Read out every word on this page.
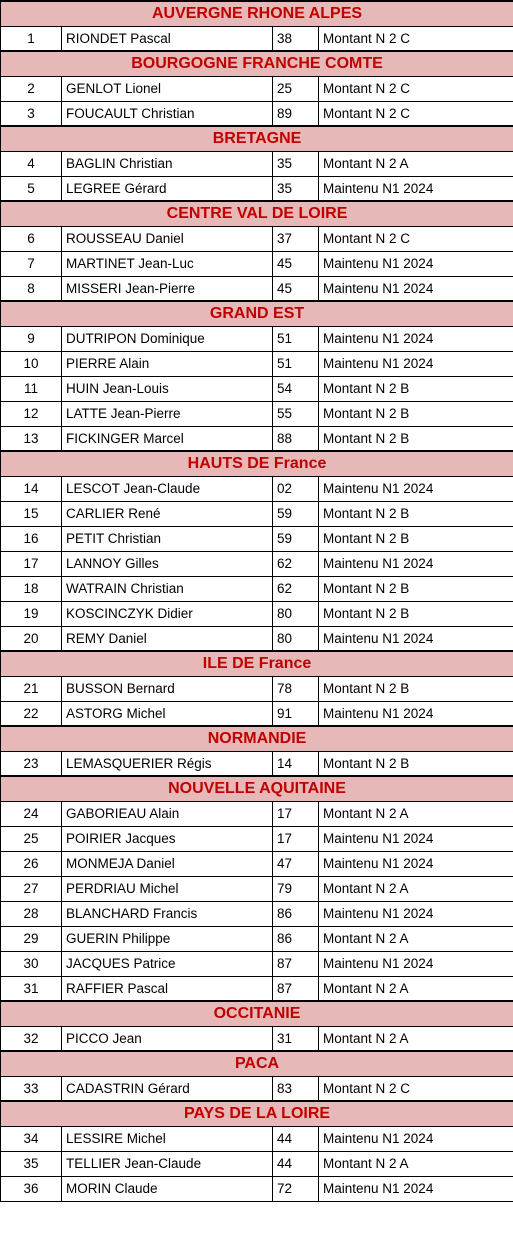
AUVERGNE RHONE ALPES			
1	RIONDET Pascal	38	Montant N 2 C
BOURGOGNE FRANCHE COMTE			
2	GENLOT Lionel	25	Montant N 2 C
3	FOUCAULT Christian	89	Montant N 2 C
BRETAGNE			
4	BAGLIN Christian	35	Montant N 2 A
5	LEGREE Gérard	35	Maintenu N1 2024
CENTRE VAL DE LOIRE			
6	ROUSSEAU Daniel	37	Montant N 2 C
7	MARTINET Jean-Luc	45	Maintenu N1 2024
8	MISSERI Jean-Pierre	45	Maintenu N1 2024
GRAND EST			
9	DUTRIPON Dominique	51	Maintenu N1 2024
10	PIERRE Alain	51	Maintenu N1 2024
11	HUIN Jean-Louis	54	Montant N 2 B
12	LATTE Jean-Pierre	55	Montant N 2 B
13	FICKINGER Marcel	88	Montant N 2 B
HAUTS DE France			
14	LESCOT Jean-Claude	02	Maintenu N1 2024
15	CARLIER René	59	Montant N 2 B
16	PETIT Christian	59	Montant N 2 B
17	LANNOY Gilles	62	Maintenu N1 2024
18	WATRAIN Christian	62	Montant N 2 B
19	KOSCINCZYK Didier	80	Montant N 2 B
20	REMY Daniel	80	Maintenu N1 2024
ILE DE France			
21	BUSSON Bernard	78	Montant N 2 B
22	ASTORG Michel	91	Maintenu N1 2024
NORMANDIE			
23	LEMASQUERIER Régis	14	Montant N 2 B
NOUVELLE AQUITAINE			
24	GABORIEAU Alain	17	Montant N 2 A
25	POIRIER Jacques	17	Maintenu N1 2024
26	MONMEJA Daniel	47	Maintenu N1 2024
27	PERDRIAU Michel	79	Montant N 2 A
28	BLANCHARD Francis	86	Maintenu N1 2024
29	GUERIN Philippe	86	Montant N 2 A
30	JACQUES Patrice	87	Maintenu N1 2024
31	RAFFIER Pascal	87	Montant N 2 A
OCCITANIE			
32	PICCO Jean	31	Montant N 2 A
PACA			
33	CADASTRIN Gérard	83	Montant N 2 C
PAYS DE LA LOIRE			
34	LESSIRE Michel	44	Maintenu N1 2024
35	TELLIER Jean-Claude	44	Montant N 2 A
36	MORIN Claude	72	Maintenu N1 2024
